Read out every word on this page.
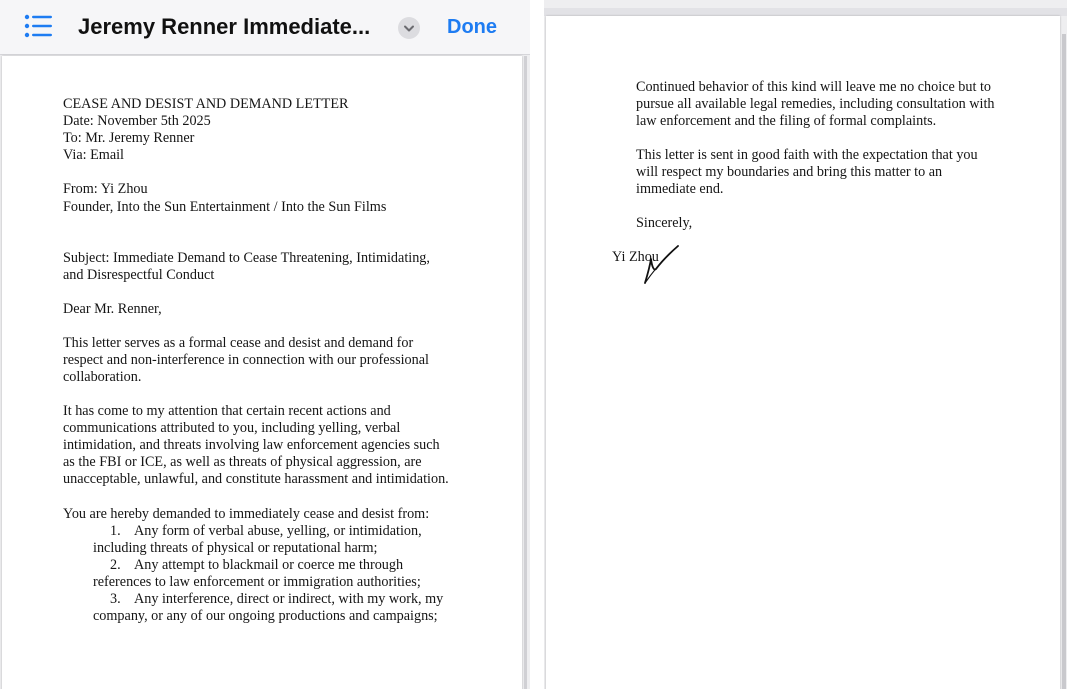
Jeremy Renner Immediate...	Done
CEASE AND DESIST AND DEMAND LETTER
Date: November 5th 2025
To: Mr. Jeremy Renner
Via: Email
From: Yi Zhou
Founder, Into the Sun Entertainment / Into the Sun Films
Subject: Immediate Demand to Cease Threatening, Intimidating,
and Disrespectful Conduct
Dear Mr. Renner,
This letter serves as a formal cease and desist and demand for
respect and non-interference in connection with our professional
collaboration.
It has come to my attention that certain recent actions and
communications attributed to you, including yelling, verbal
intimidation, and threats involving law enforcement agencies such
as the FBI or ICE, as well as threats of physical aggression, are
unacceptable, unlawful, and constitute harassment and intimidation.
You are hereby demanded to immediately cease and desist from:
1. Any form of verbal abuse, yelling, or intimidation,
including threats of physical or reputational harm;
2. Any attempt to blackmail or coerce me through
references to law enforcement or immigration authorities;
3. Any interference, direct or indirect, with my work, my
company, or any of our ongoing productions and campaigns;
Continued behavior of this kind will leave me no choice but to
pursue all available legal remedies, including consultation with
law enforcement and the filing of formal complaints.
This letter is sent in good faith with the expectation that you
will respect my boundaries and bring this matter to an
immediate end.
Sincerely,
Yi Zhou
